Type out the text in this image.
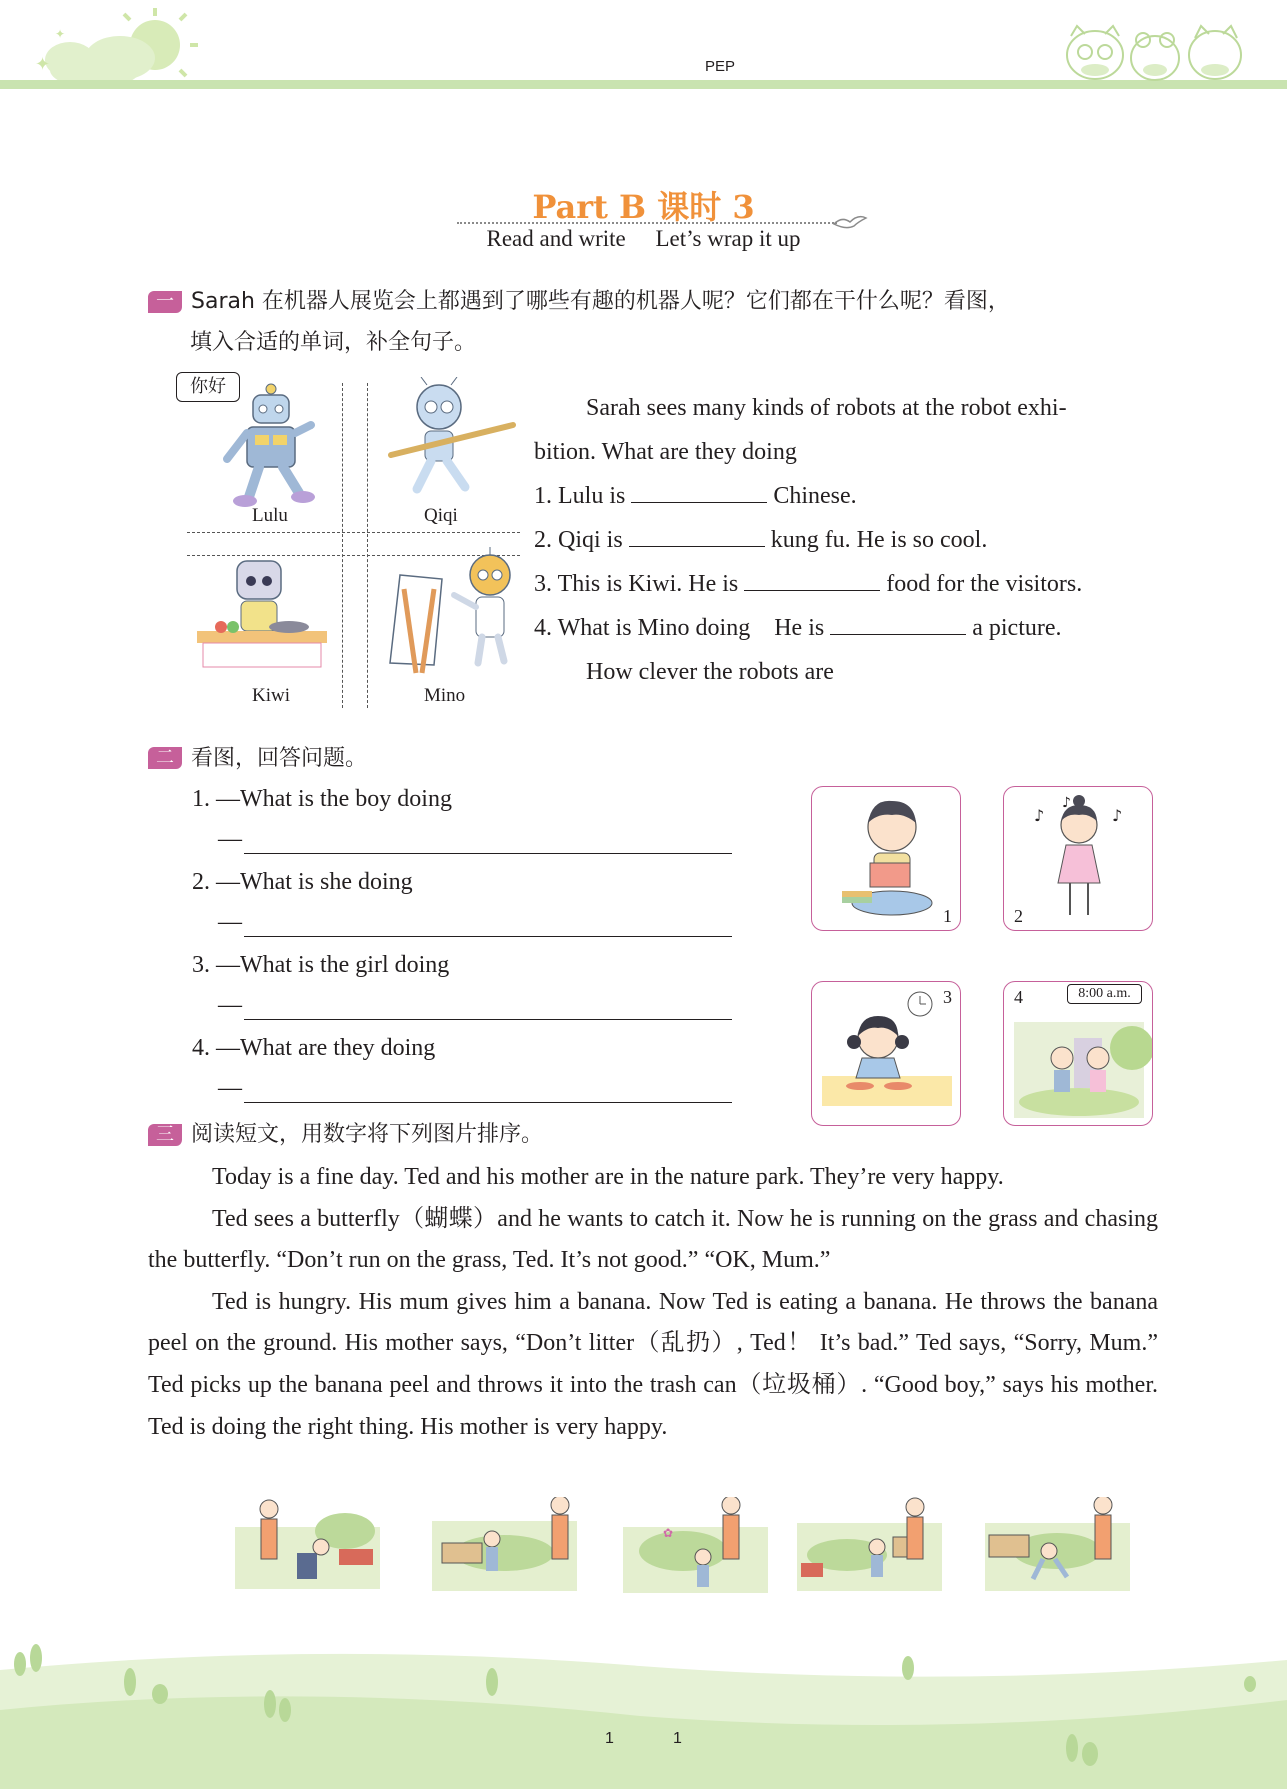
✦
✦
PEP
Part B 课时 3
Read and write Let’s wrap it up
一 Sarah 在机器人展览会上都遇到了哪些有趣的机器人呢？它们都在干什么呢？看图，
填入合适的单词，补全句子。
你好
Lulu	Qiqi
Kiwi	Mino
Sarah sees many kinds of robots at the robot exhi-
bition. What are they doing
1. Lulu is	Chinese.
2. Qiqi is	kung fu. He is so cool.
3. This is Kiwi. He is	food for the visitors.
4. What is Mino doing    He is	a picture.
How clever the robots are
二 看图，回答问题。
1. —What is the boy doing
—
2. —What is she doing
—
3. —What is the girl doing
—
4. —What are they doing
—
1
♪	♪
♪
2
3	4	8:00 a.m.
三 阅读短文，用数字将下列图片排序。

Today is a fine day. Ted and his mother are in the nature park. They’re very happy.

Ted sees a butterfly（蝴蝶）and he wants to catch it. Now he is running on the grass and chasing the butterfly. “Don’t run on the grass, Ted. It’s not good.” “OK, Mum.”

Ted is hungry. His mum gives him a banana. Now Ted is eating a banana. He throws the banana peel on the ground. His mother says, “Don’t litter（乱扔）, Ted！ It’s bad.” Ted says, “Sorry, Mum.” Ted picks up the banana peel and throws it into the trash can（垃圾桶）. “Good boy,” says his mother. Ted is doing the right thing. His mother is very happy.

✿
1	1
